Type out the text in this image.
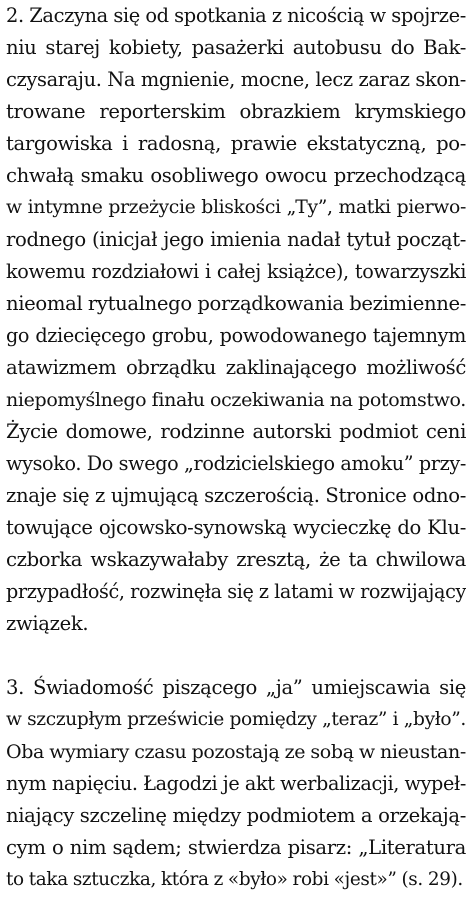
2. Zaczyna się od spotkania z nicością w spojrze-
niu starej kobiety, pasażerki autobusu do Bak-
czysaraju. Na mgnienie, mocne, lecz zaraz skon-
trowane reporterskim obrazkiem krymskiego
targowiska i radosną, prawie ekstatyczną, po-
chwałą smaku osobliwego owocu przechodzącą
w intymne przeżycie bliskości „Ty”, matki pierwo-
rodnego (inicjał jego imienia nadał tytuł począt-
kowemu rozdziałowi i całej książce), towarzyszki
nieomal rytualnego porządkowania bezimienne-
go dziecięcego grobu, powodowanego tajemnym
atawizmem obrządku zaklinającego możliwość
niepomyślnego finału oczekiwania na potomstwo.
Życie domowe, rodzinne autorski podmiot ceni
wysoko. Do swego „rodzicielskiego amoku” przy-
znaje się z ujmującą szczerością. Stronice odno-
towujące ojcowsko-synowską wycieczkę do Klu-
czborka wskazywałaby zresztą, że ta chwilowa
przypadłość, rozwinęła się z latami w rozwijający
związek.
3. Świadomość piszącego „ja” umiejscawia się
w szczupłym prześwicie pomiędzy „teraz” i „było”.
Oba wymiary czasu pozostają ze sobą w nieustan-
nym napięciu. Łagodzi je akt werbalizacji, wypeł-
niający szczelinę między podmiotem a orzekają-
cym o nim sądem; stwierdza pisarz: „Literatura
to taka sztuczka, która z «było» robi «jest»” (s. 29).
